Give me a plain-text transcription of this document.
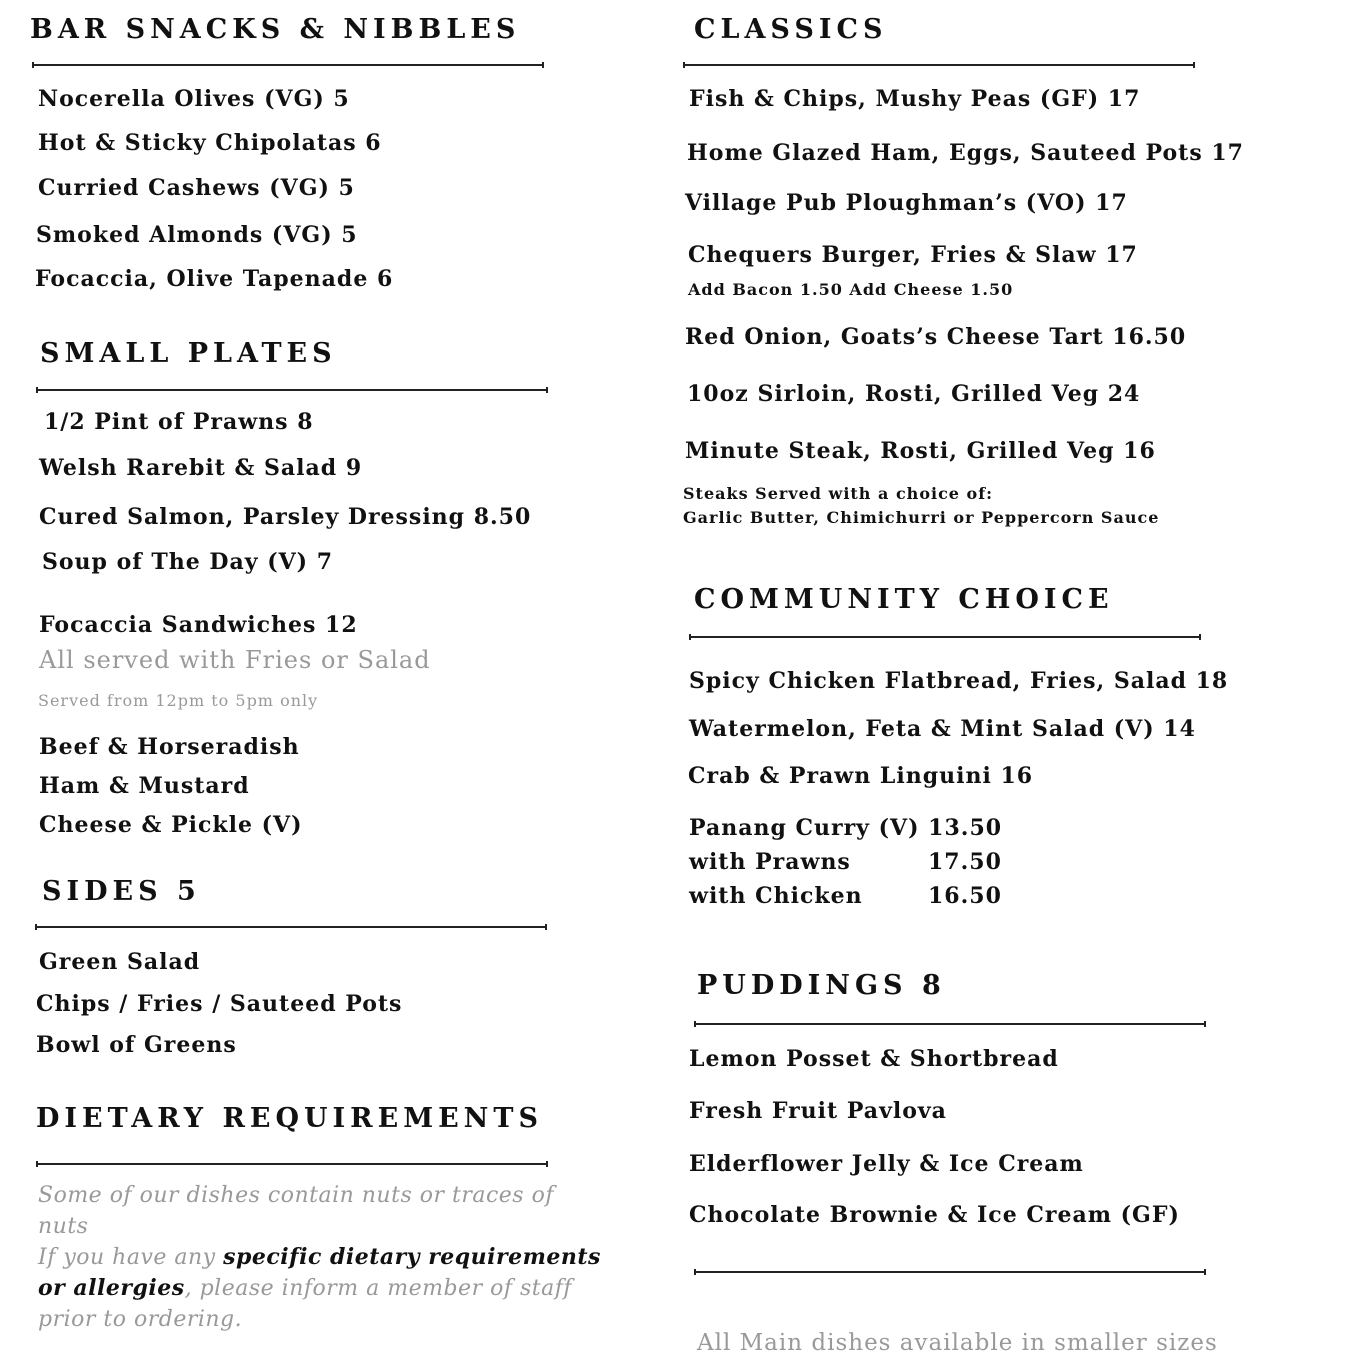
BAR SNACKS & NIBBLES
Nocerella Olives (VG) 5
Hot & Sticky Chipolatas 6
Curried Cashews (VG) 5
Smoked Almonds (VG) 5
Focaccia, Olive Tapenade 6
SMALL PLATES
1/2 Pint of Prawns 8
Welsh Rarebit & Salad 9
Cured Salmon, Parsley Dressing 8.50
Soup of The Day (V) 7
Focaccia Sandwiches 12
All served with Fries or Salad
Served from 12pm to 5pm only
Beef & Horseradish
Ham & Mustard
Cheese & Pickle (V)
SIDES 5
Green Salad
Chips / Fries / Sauteed Pots
Bowl of Greens
DIETARY REQUIREMENTS
Some of our dishes contain nuts or traces of nuts
If you have any specific dietary requirements or allergies, please inform a member of staff prior to ordering.
CLASSICS
Fish & Chips, Mushy Peas (GF) 17
Home Glazed Ham, Eggs, Sauteed Pots 17
Village Pub Ploughman’s (VO) 17
Chequers Burger, Fries & Slaw 17
Add Bacon 1.50 Add Cheese 1.50
Red Onion, Goats’s Cheese Tart 16.50
10oz Sirloin, Rosti, Grilled Veg 24
Minute Steak, Rosti, Grilled Veg 16
Steaks Served with a choice of:
Garlic Butter, Chimichurri or Peppercorn Sauce
COMMUNITY CHOICE
Spicy Chicken Flatbread, Fries, Salad 18
Watermelon, Feta & Mint Salad (V) 14
Crab & Prawn Linguini 16
Panang Curry (V) 13.50
with Prawns	17.50
with Chicken	16.50
PUDDINGS 8
Lemon Posset & Shortbread
Fresh Fruit Pavlova
Elderflower Jelly & Ice Cream
Chocolate Brownie & Ice Cream (GF)
All Main dishes available in smaller sizes
